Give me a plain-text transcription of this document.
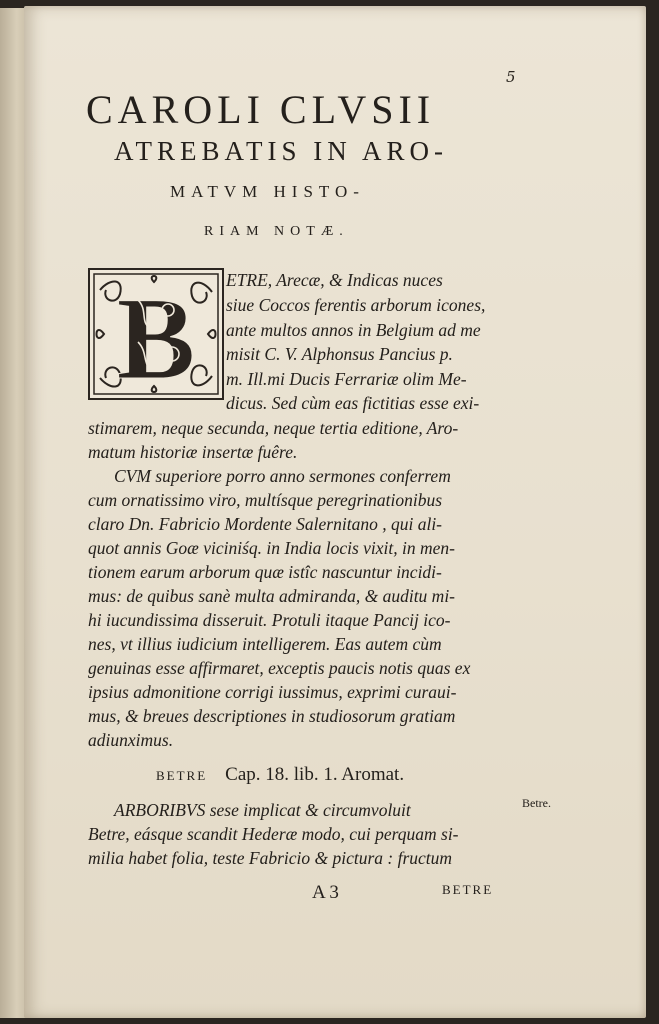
5
CAROLI CLVSII
ATREBATIS IN ARO-
MATVM HISTO-
RIAM NOTÆ.
B ETRE, Arecæ, & Indicas nuces
siue Coccos ferentis arborum icones,
ante multos annos in Belgium ad me
misit C. V. Alphonsus Pancius p.
m. Ill.mi Ducis Ferrariæ olim Me-
dicus. Sed cùm eas fictitias esse exi-
stimarem, neque secunda, neque tertia editione, Aro-
matum historiæ insertæ fuêre.
CVM superiore porro anno sermones conferrem
cum ornatissimo viro, multísque peregrinationibus
claro Dn. Fabricio Mordente Salernitano , qui ali-
quot annis Goæ viciniśq. in India locis vixit, in men-
tionem earum arborum quæ istîc nascuntur incidi-
mus: de quibus sanè multa admiranda, & auditu mi-
hi iucundissima disseruit. Protuli itaque Pancij ico-
nes, vt illius iudicium intelligerem. Eas autem cùm
genuinas esse affirmaret, exceptis paucis notis quas ex
ipsius admonitione corrigi iussimus, exprimi curaui-
mus, & breues descriptiones in studiosorum gratiam
adiunximus.
BETRE Cap. 18. lib. 1. Aromat.
Betre.
ARBORIBVS sese implicat & circumvoluit
Betre, eásque scandit Hederæ modo, cui perquam si-
milia habet folia, teste Fabricio & pictura : fructum
A 3	BETRE
